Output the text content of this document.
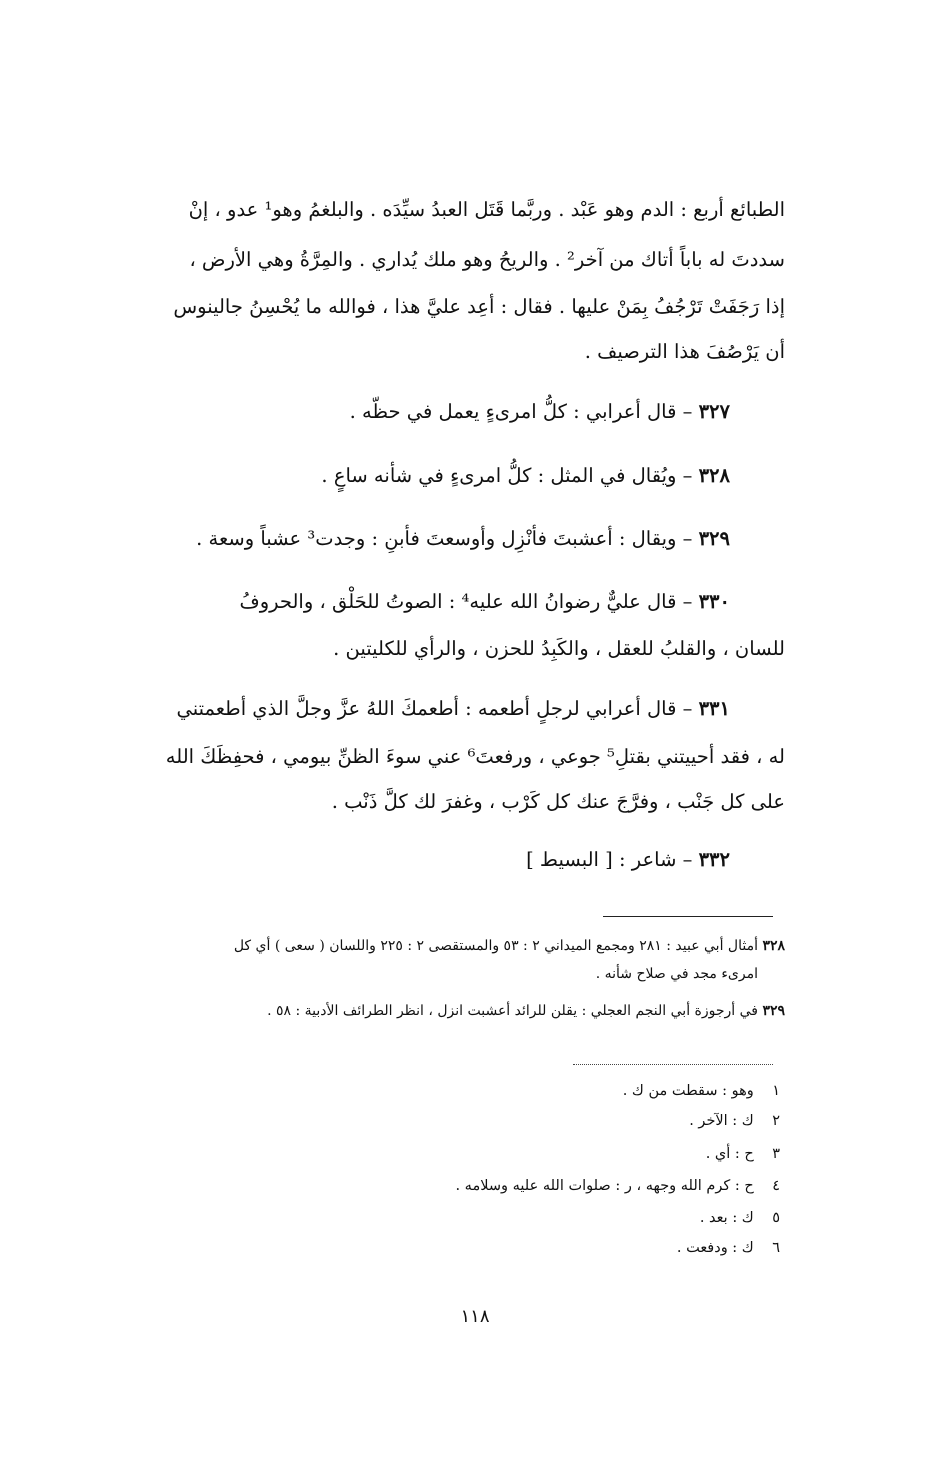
الطبائع أربع : الدم وهو عَبْد . وربَّما قَتَل العبدُ سيِّدَه . والبلغمُ وهو¹ عدو ، إنْ
سددتَ له باباً أتاك من آخر² . والريحُ وهو ملك يُداري . والمِرَّةُ وهي الأرض ،
إذا رَجَفَتْ تَرْجُفُ بِمَنْ عليها . فقال : أعِد عليَّ هذا ، فوالله ما يُحْسِنُ جالينوس
أن يَرْصُفَ هذا الترصيف .
٣٢٧ – قال أعرابي : كلُّ امرىءٍ يعمل في حظّه .
٣٢٨ – ويُقال في المثل : كلُّ امرىءٍ في شأنه ساعٍ .
٣٢٩ – ويقال : أعشبتَ فأنْزِل وأوسعتَ فأبنِ : وجدت³ عشباً وسعة .
٣٣٠ – قال عليٌّ رضوانُ الله عليه⁴ : الصوتُ للحَلْق ، والحروفُ
للسان ، والقلبُ للعقل ، والكَبِدُ للحزن ، والرأي للكليتين .
٣٣١ – قال أعرابي لرجلٍ أطعمه : أطعمكَ اللهُ عزَّ وجلَّ الذي أطعمتني
له ، فقد أحييتني بقتلِ⁵ جوعي ، ورفعتَ⁶ عني سوءَ الظنِّ بيومي ، فحفِظَكَ الله
على كل جَنْب ، وفرَّجَ عنك كل كَرْب ، وغفرَ لك كلَّ ذَنْب .
٣٣٢ – شاعر : [ البسيط ]
٣٢٨ أمثال أبي عبيد : ٢٨١ ومجمع الميداني ٢ : ٥٣ والمستقصى ٢ : ٢٢٥ واللسان ( سعى ) أي كل
امرىء مجد في صلاح شأنه .
٣٢٩ في أرجوزة أبي النجم العجلي : يقلن للرائد أعشبت انزل ، انظر الطرائف الأدبية : ٥٨ .
١    وهو : سقطت من ك .
٢    ك : الآخر .
٣    ح : أي .
٤    ح : كرم الله وجهه ، ر : صلوات الله عليه وسلامه .
٥    ك : بعد .
٦    ك : ودفعت .
١١٨
